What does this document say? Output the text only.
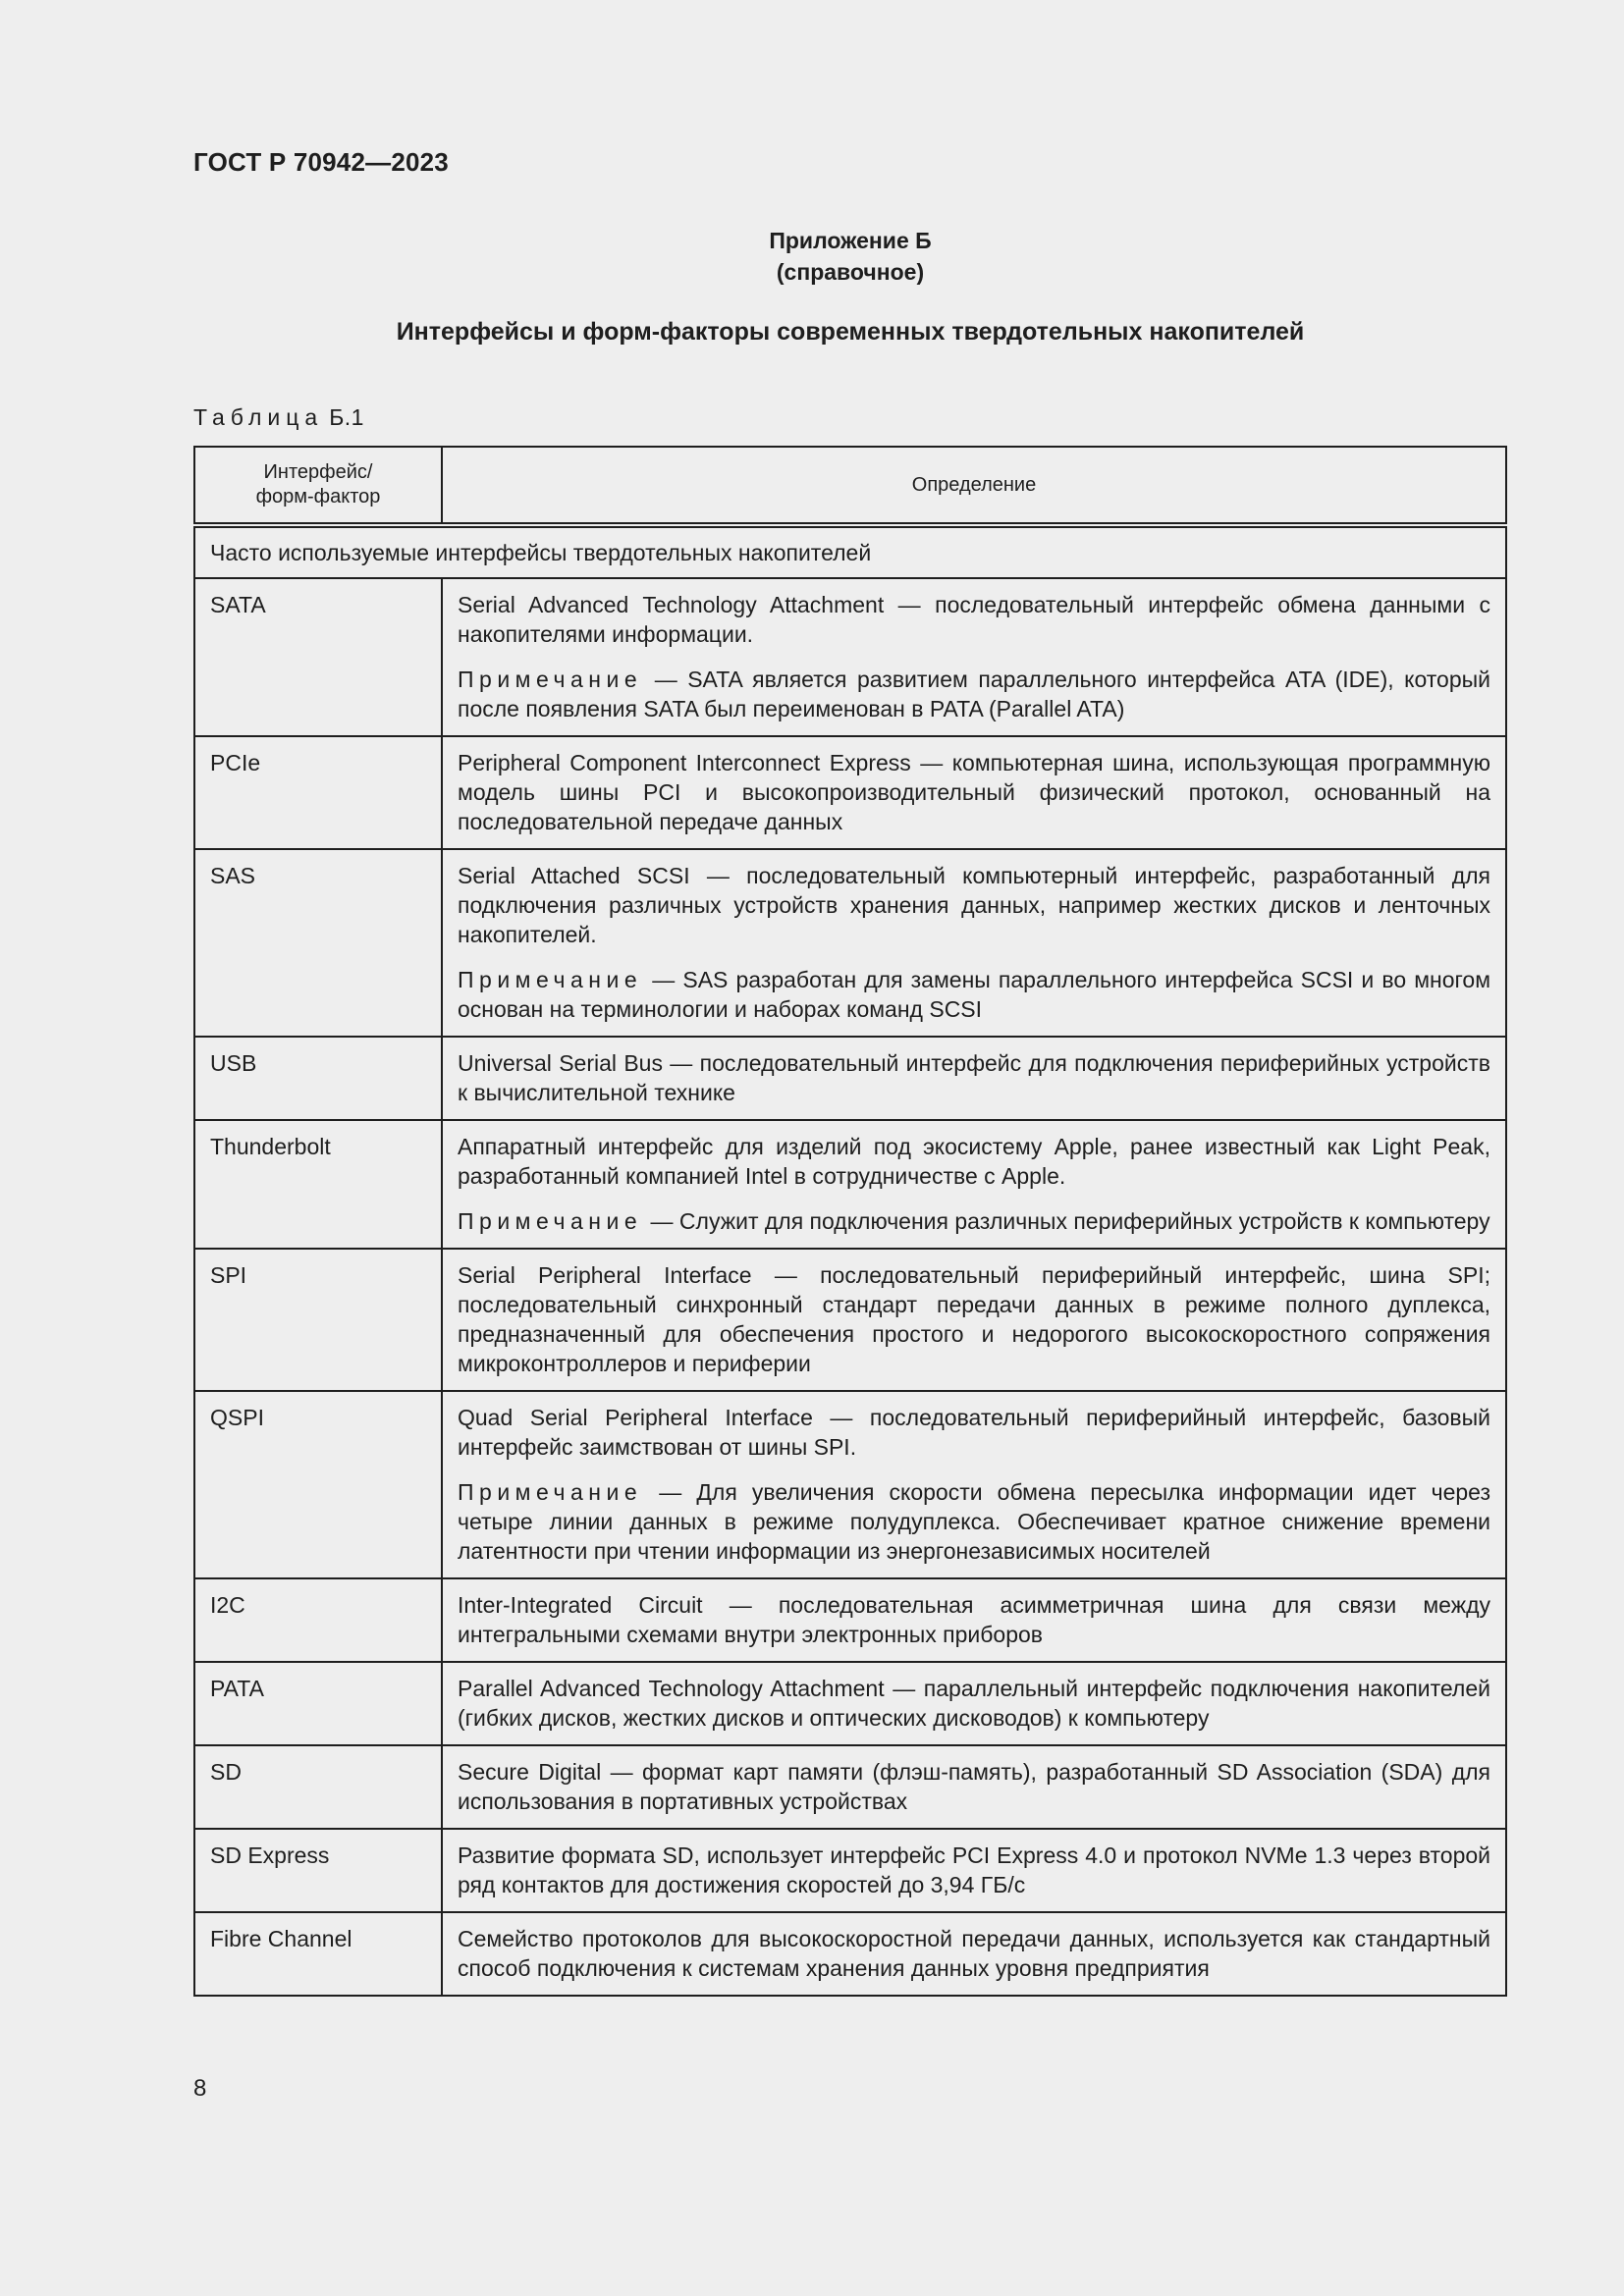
ГОСТ Р 70942—2023
Приложение Б
(справочное)
Интерфейсы и форм-факторы современных твердотельных накопителей
Таблица Б.1
Интерфейс/
форм-фактор	Определение
Часто используемые интерфейсы твердотельных накопителей	
SATA	Serial Advanced Technology Attachment — последовательный интерфейс обмена данными с накопителями информации.

Примечание — SATA является развитием параллельного интерфейса ATA (IDE), который после появления SATA был переименован в PATA (Parallel ATA)

PCIe	Peripheral Component Interconnect Express — компьютерная шина, использующая программную модель шины PCI и высокопроизводительный физический протокол, основанный на последовательной передаче данных

SAS	Serial Attached SCSI — последовательный компьютерный интерфейс, разработанный для подключения различных устройств хранения данных, например жестких дисков и ленточных накопителей.

Примечание — SAS разработан для замены параллельного интерфейса SCSI и во многом основан на терминологии и наборах команд SCSI

USB	Universal Serial Bus — последовательный интерфейс для подключения периферийных устройств к вычислительной технике

Thunderbolt	Аппаратный интерфейс для изделий под экосистему Apple, ранее известный как Light Peak, разработанный компанией Intel в сотрудничестве с Apple.

Примечание — Служит для подключения различных периферийных устройств к компьютеру

SPI	Serial Peripheral Interface — последовательный периферийный интерфейс, шина SPI; последовательный синхронный стандарт передачи данных в режиме полного дуплекса, предназначенный для обеспечения простого и недорогого высокоскоростного сопряжения микроконтроллеров и периферии

QSPI	Quad Serial Peripheral Interface — последовательный периферийный интерфейс, базовый интерфейс заимствован от шины SPI.

Примечание — Для увеличения скорости обмена пересылка информации идет через четыре линии данных в режиме полудуплекса. Обеспечивает кратное снижение времени латентности при чтении информации из энергонезависимых носителей

I2C	Inter-Integrated Circuit — последовательная асимметричная шина для связи между интегральными схемами внутри электронных приборов

PATA	Parallel Advanced Technology Attachment — параллельный интерфейс подключения накопителей (гибких дисков, жестких дисков и оптических дисководов) к компьютеру

SD	Secure Digital — формат карт памяти (флэш-память), разработанный SD Association (SDA) для использования в портативных устройствах

SD Express	Развитие формата SD, использует интерфейс PCI Express 4.0 и протокол NVMe 1.3 через второй ряд контактов для достижения скоростей до 3,94 ГБ/с

Fibre Channel	Семейство протоколов для высокоскоростной передачи данных, используется как стандартный способ подключения к системам хранения данных уровня предприятия

8
